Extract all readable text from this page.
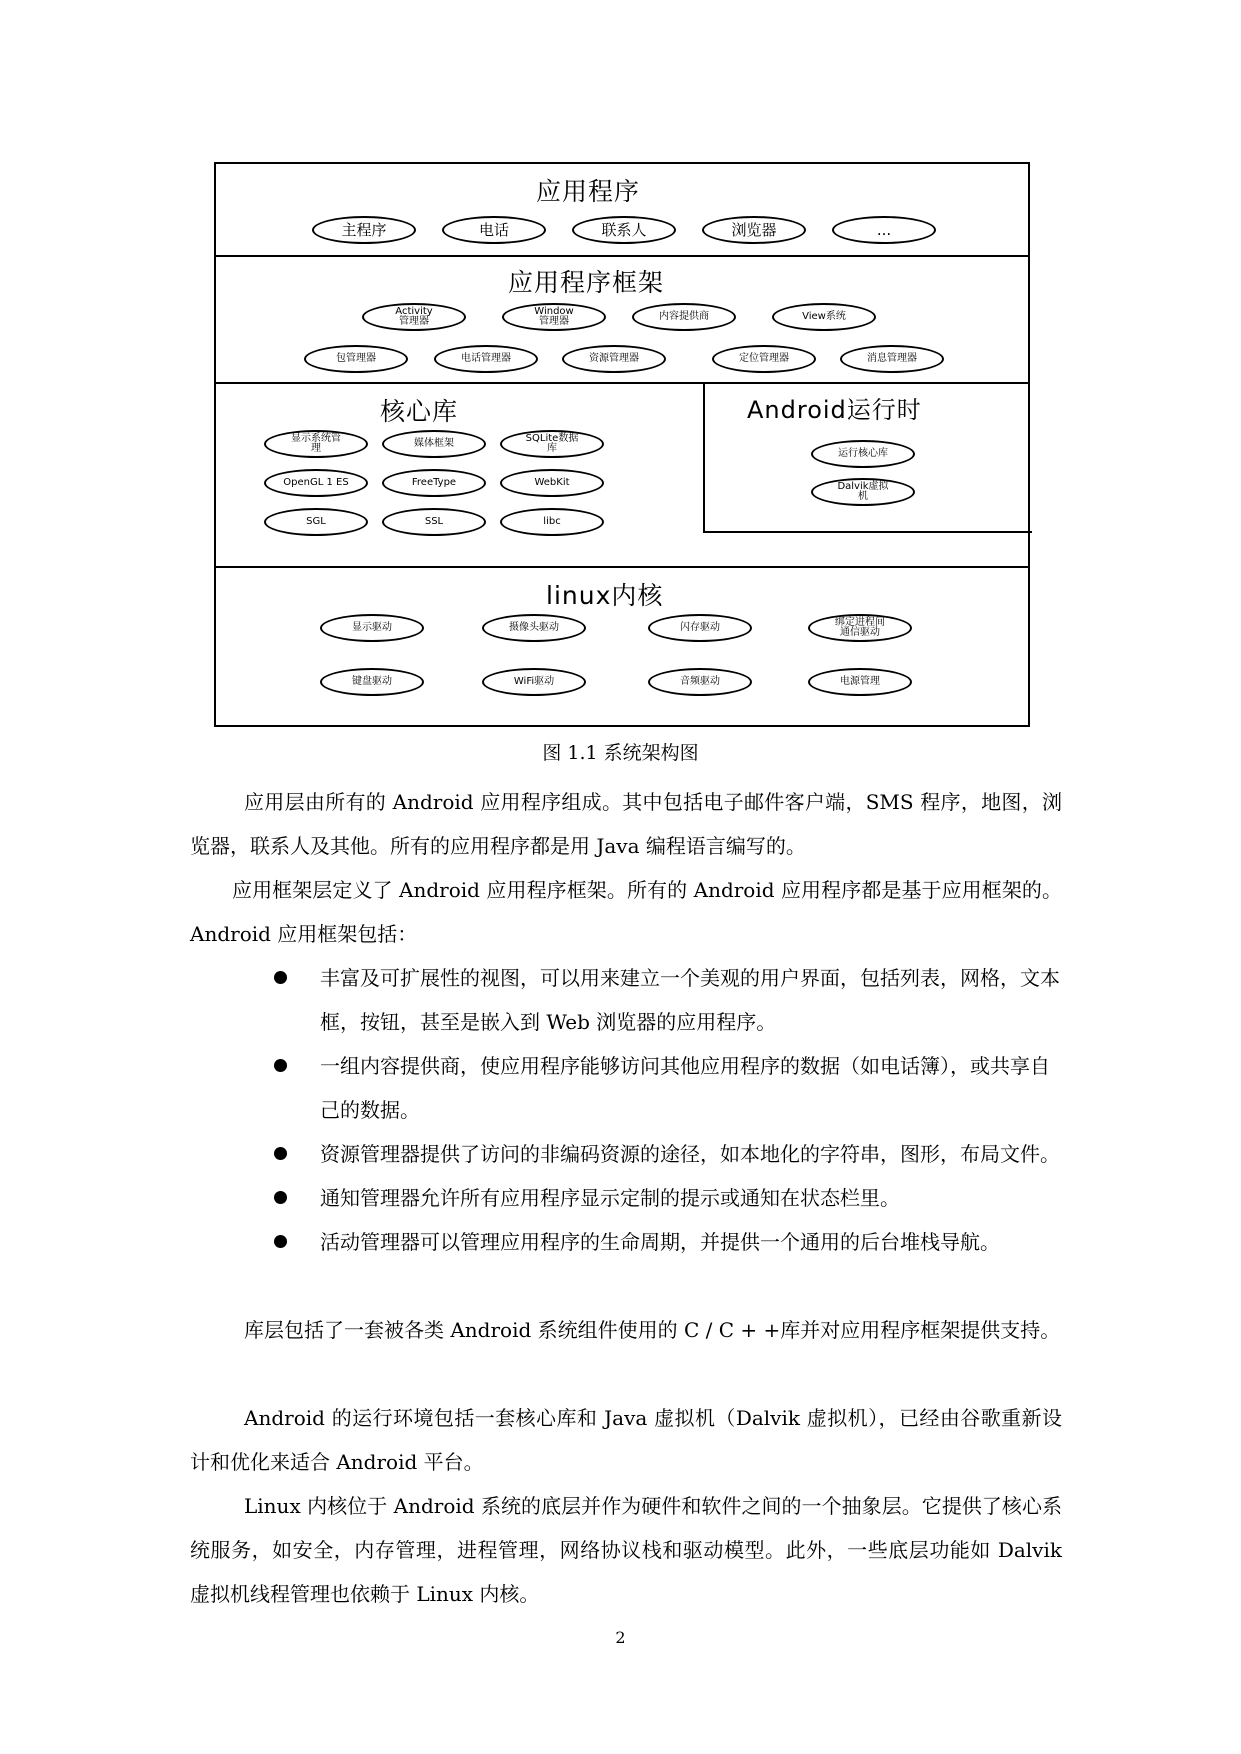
应用程序
主程序	电话	联系人	浏览器	...
应用程序框架
Activity
管理器
Window
管理器	内容提供商	View系统
包管理器	电话管理器	资源管理器	定位管理器	消息管理器
核心库
显示系统管
理	媒体框架	SQLite数据
库
OpenGL 1 ES	FreeType	WebKit
SGL	SSL	libc
Android运行时
运行核心库
Dalvik虚拟
机
linux内核
显示驱动	摄像头驱动	闪存驱动	绑定进程间
通信驱动
键盘驱动	WiFi驱动	音频驱动	电源管理
图 1.1 系统架构图

应用层由所有的 Android 应用程序组成。其中包括电子邮件客户端，SMS 程序，地图，浏览器，联系人及其他。所有的应用程序都是用 Java 编程语言编写的。

应用框架层定义了 Android 应用程序框架。所有的 Android 应用程序都是基于应用框架的。Android 应用框架包括：

丰富及可扩展性的视图，可以用来建立一个美观的用户界面，包括列表，网格，文本框，按钮，甚至是嵌入到 Web 浏览器的应用程序。
一组内容提供商，使应用程序能够访问其他应用程序的数据（如电话簿），或共享自己的数据。
资源管理器提供了访问的非编码资源的途径，如本地化的字符串，图形，布局文件。
通知管理器允许所有应用程序显示定制的提示或通知在状态栏里。
活动管理器可以管理应用程序的生命周期，并提供一个通用的后台堆栈导航。

库层包括了一套被各类 Android 系统组件使用的 C / C + +库并对应用程序框架提供支持。

Android 的运行环境包括一套核心库和 Java 虚拟机（Dalvik 虚拟机），已经由谷歌重新设计和优化来适合 Android 平台。

Linux 内核位于 Android 系统的底层并作为硬件和软件之间的一个抽象层。它提供了核心系统服务，如安全，内存管理，进程管理，网络协议栈和驱动模型。此外，一些底层功能如 Dalvik 虚拟机线程管理也依赖于 Linux 内核。

2
